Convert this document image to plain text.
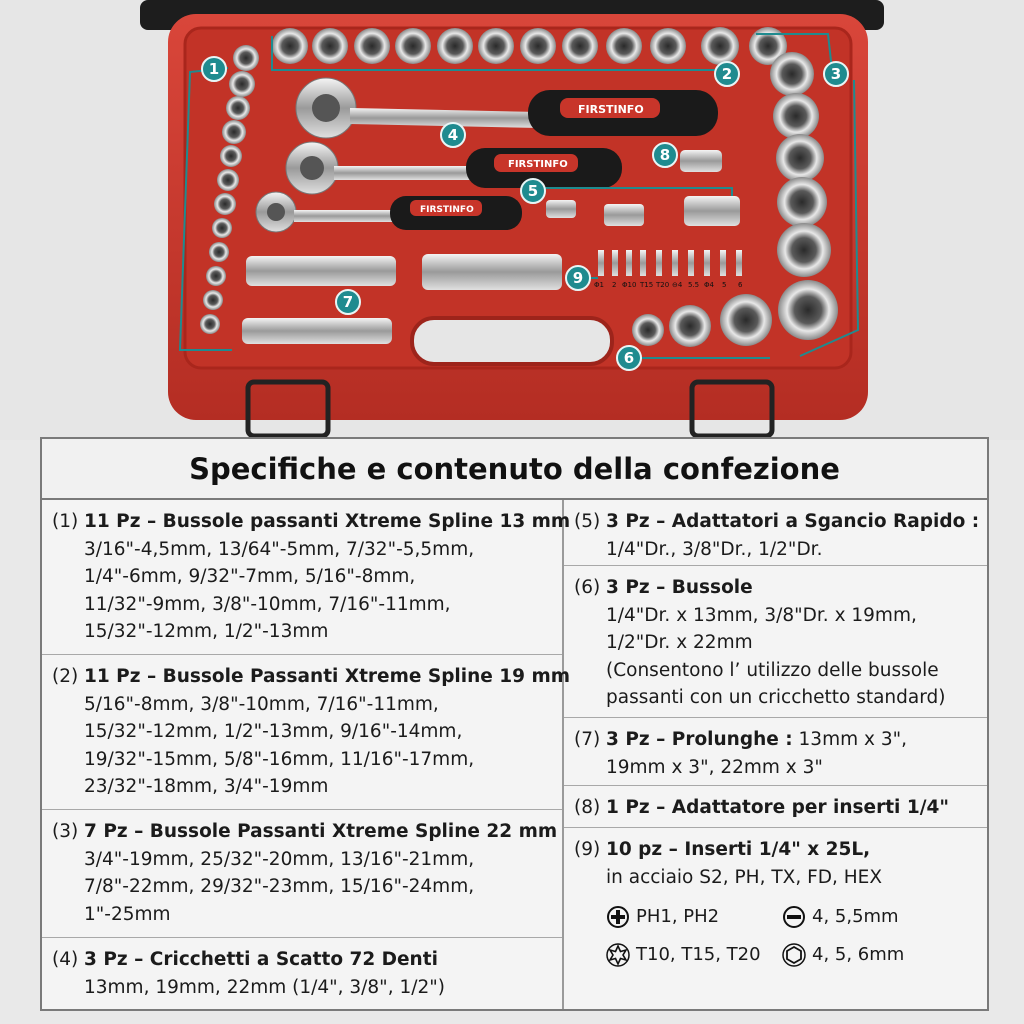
FIRSTINFO
FIRSTINFO
FIRSTINFO
Φ1 2 Φ10 T15 T20 ⊖4 5.5 Φ4 5 6
1	2	3
4
5
6
7
8
9
Specifiche e contenuto della confezione
(1) 11 Pz – Bussole passanti Xtreme Spline 13 mm
3/16"-4,5mm, 13/64"-5mm, 7/32"-5,5mm,
1/4"-6mm, 9/32"-7mm, 5/16"-8mm,
11/32"-9mm, 3/8"-10mm, 7/16"-11mm,
15/32"-12mm, 1/2"-13mm
(2) 11 Pz – Bussole Passanti Xtreme Spline 19 mm
5/16"-8mm, 3/8"-10mm, 7/16"-11mm,
15/32"-12mm, 1/2"-13mm, 9/16"-14mm,
19/32"-15mm, 5/8"-16mm, 11/16"-17mm,
23/32"-18mm, 3/4"-19mm
(3) 7 Pz – Bussole Passanti Xtreme Spline 22 mm
3/4"-19mm, 25/32"-20mm, 13/16"-21mm,
7/8"-22mm, 29/32"-23mm, 15/16"-24mm,
1"-25mm
(4) 3 Pz – Cricchetti a Scatto 72 Denti
13mm, 19mm, 22mm (1/4", 3/8", 1/2")
(5) 3 Pz – Adattatori a Sgancio Rapido :
1/4"Dr., 3/8"Dr., 1/2"Dr.
(6) 3 Pz – Bussole
1/4"Dr. x 13mm, 3/8"Dr. x 19mm,
1/2"Dr. x 22mm
(Consentono l’ utilizzo delle bussole
passanti con un cricchetto standard)
(7) 3 Pz – Prolunghe : 13mm x 3",
19mm x 3", 22mm x 3"
(8) 1 Pz – Adattatore per inserti 1/4"
(9) 10 pz – Inserti 1/4" x 25L,
in acciaio S2, PH, TX, FD, HEX
PH1, PH2	4, 5,5mm
T10, T15, T20	4, 5, 6mm
